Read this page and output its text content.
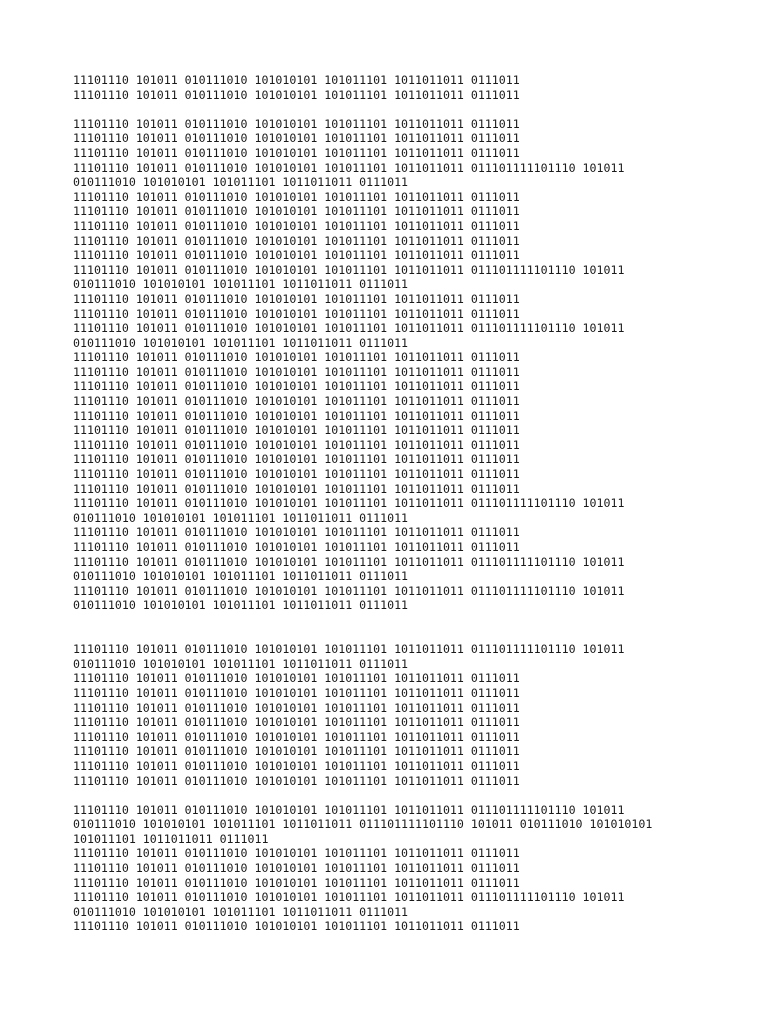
11101110 101011 010111010 101010101 101011101 1011011011 0111011
11101110 101011 010111010 101010101 101011101 1011011011 0111011
11101110 101011 010111010 101010101 101011101 1011011011 0111011
11101110 101011 010111010 101010101 101011101 1011011011 0111011
11101110 101011 010111010 101010101 101011101 1011011011 0111011
11101110 101011 010111010 101010101 101011101 1011011011 011101111101110 101011
010111010 101010101 101011101 1011011011 0111011
11101110 101011 010111010 101010101 101011101 1011011011 0111011
11101110 101011 010111010 101010101 101011101 1011011011 0111011
11101110 101011 010111010 101010101 101011101 1011011011 0111011
11101110 101011 010111010 101010101 101011101 1011011011 0111011
11101110 101011 010111010 101010101 101011101 1011011011 0111011
11101110 101011 010111010 101010101 101011101 1011011011 011101111101110 101011
010111010 101010101 101011101 1011011011 0111011
11101110 101011 010111010 101010101 101011101 1011011011 0111011
11101110 101011 010111010 101010101 101011101 1011011011 0111011
11101110 101011 010111010 101010101 101011101 1011011011 011101111101110 101011
010111010 101010101 101011101 1011011011 0111011
11101110 101011 010111010 101010101 101011101 1011011011 0111011
11101110 101011 010111010 101010101 101011101 1011011011 0111011
11101110 101011 010111010 101010101 101011101 1011011011 0111011
11101110 101011 010111010 101010101 101011101 1011011011 0111011
11101110 101011 010111010 101010101 101011101 1011011011 0111011
11101110 101011 010111010 101010101 101011101 1011011011 0111011
11101110 101011 010111010 101010101 101011101 1011011011 0111011
11101110 101011 010111010 101010101 101011101 1011011011 0111011
11101110 101011 010111010 101010101 101011101 1011011011 0111011
11101110 101011 010111010 101010101 101011101 1011011011 0111011
11101110 101011 010111010 101010101 101011101 1011011011 011101111101110 101011
010111010 101010101 101011101 1011011011 0111011
11101110 101011 010111010 101010101 101011101 1011011011 0111011
11101110 101011 010111010 101010101 101011101 1011011011 0111011
11101110 101011 010111010 101010101 101011101 1011011011 011101111101110 101011
010111010 101010101 101011101 1011011011 0111011
11101110 101011 010111010 101010101 101011101 1011011011 011101111101110 101011
010111010 101010101 101011101 1011011011 0111011
11101110 101011 010111010 101010101 101011101 1011011011 011101111101110 101011
010111010 101010101 101011101 1011011011 0111011
11101110 101011 010111010 101010101 101011101 1011011011 0111011
11101110 101011 010111010 101010101 101011101 1011011011 0111011
11101110 101011 010111010 101010101 101011101 1011011011 0111011
11101110 101011 010111010 101010101 101011101 1011011011 0111011
11101110 101011 010111010 101010101 101011101 1011011011 0111011
11101110 101011 010111010 101010101 101011101 1011011011 0111011
11101110 101011 010111010 101010101 101011101 1011011011 0111011
11101110 101011 010111010 101010101 101011101 1011011011 0111011
11101110 101011 010111010 101010101 101011101 1011011011 011101111101110 101011
010111010 101010101 101011101 1011011011 011101111101110 101011 010111010 101010101
101011101 1011011011 0111011
11101110 101011 010111010 101010101 101011101 1011011011 0111011
11101110 101011 010111010 101010101 101011101 1011011011 0111011
11101110 101011 010111010 101010101 101011101 1011011011 0111011
11101110 101011 010111010 101010101 101011101 1011011011 011101111101110 101011
010111010 101010101 101011101 1011011011 0111011
11101110 101011 010111010 101010101 101011101 1011011011 0111011
